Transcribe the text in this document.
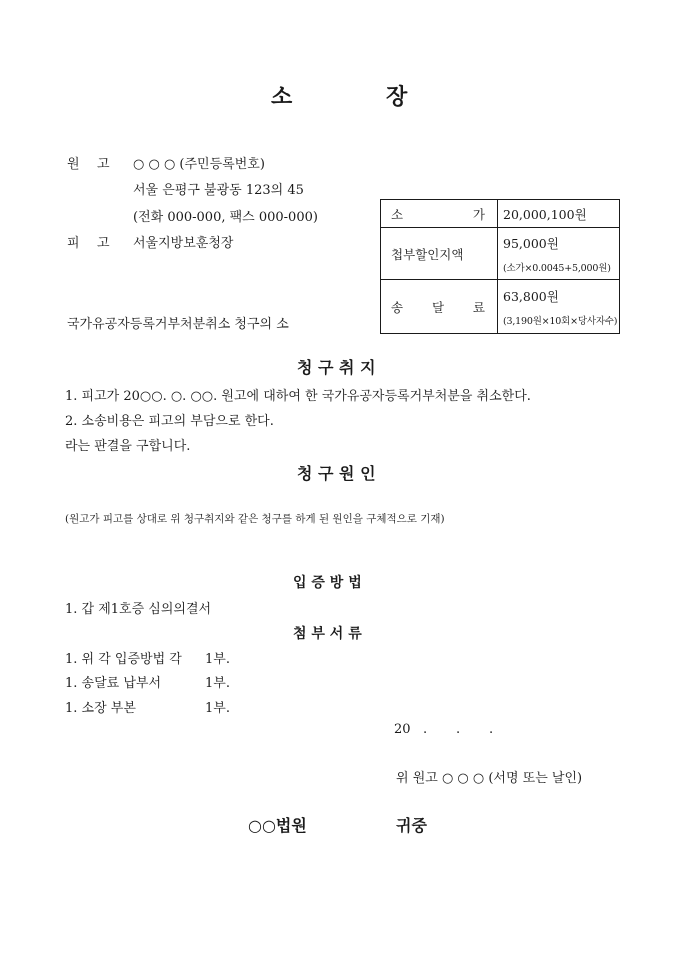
소	장
원 고 ○ ○ ○ (주민등록번호)
서울 은평구 불광동 123의 45
(전화 000-000, 팩스 000-000)
피 고 서울지방보훈청장
국가유공자등록거부처분취소 청구의 소
소 가	20,000,100원
첩부할인지액	95,000원
(소가×0.0045+5,000원)

송 달 료	63,800원
(3,190원×10회×당사자수)
청 구 취 지
1. 피고가 20○○. ○. ○○. 원고에 대하여 한 국가유공자등록거부처분을 취소한다.
2. 소송비용은 피고의 부담으로 한다.
라는 판결을 구합니다.
청 구 원 인
(원고가 피고를 상대로 위 청구취지와 같은 청구를 하게 된 원인을 구체적으로 기재)
입 증 방 법
1. 갑 제1호증 심의의결서
첨 부 서 류
1. 위 각 입증방법 각 1부.
1. 송달료 납부서	1부.
1. 소장 부본	1부.
20   .       .       .
위 원고 ○ ○ ○ (서명 또는 날인)
○○법원	귀중
